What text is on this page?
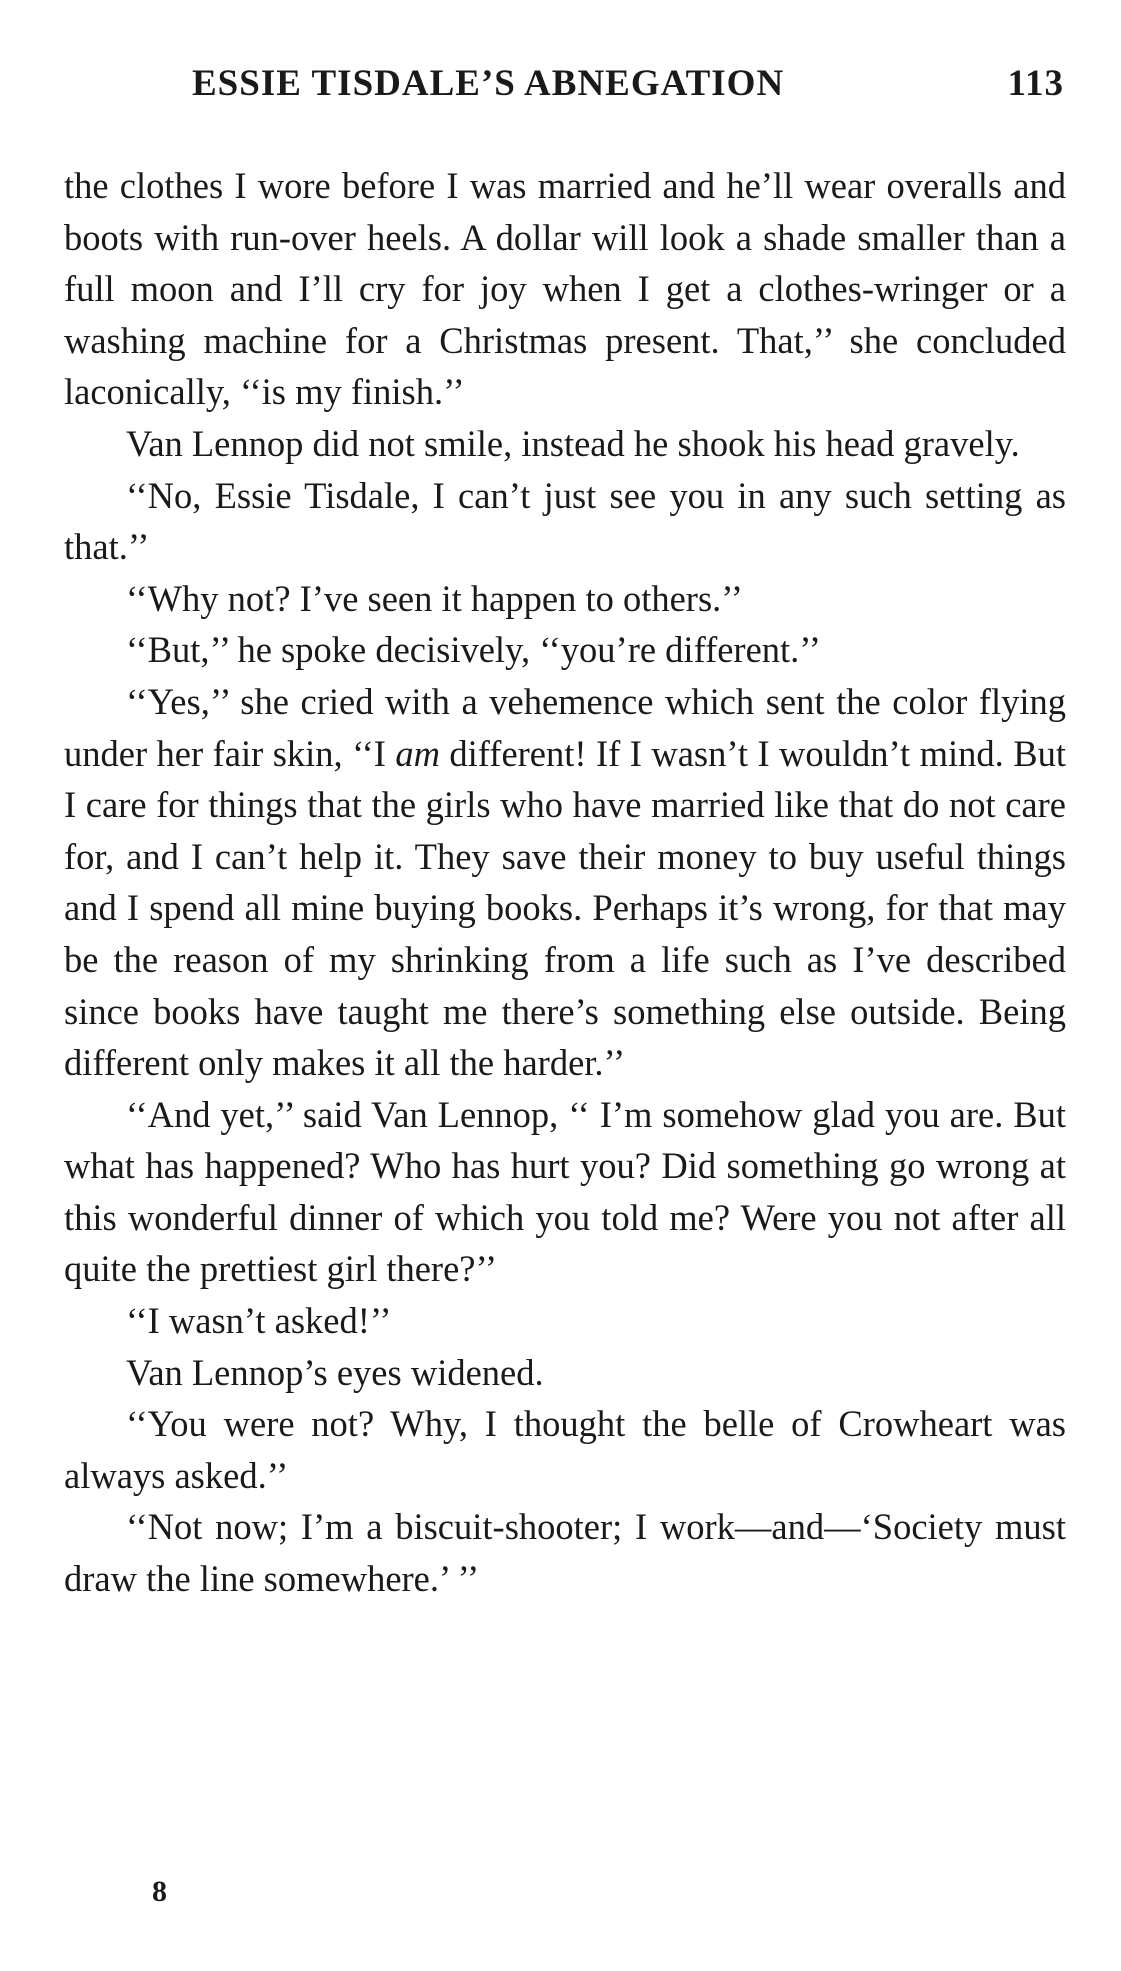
ESSIE TISDALE’S ABNEGATION	113

the clothes I wore before I was married and he’ll wear overalls and boots with run-over heels. A dollar will look a shade smaller than a full moon and I’ll cry for joy when I get a clothes-wringer or a washing machine for a Christmas present. That,’’ she concluded laconically, ‘‘is my finish.’’

Van Lennop did not smile, instead he shook his head gravely.

‘‘No, Essie Tisdale, I can’t just see you in any such setting as that.’’

‘‘Why not? I’ve seen it happen to others.’’

‘‘But,’’ he spoke decisively, ‘‘you’re different.’’

‘‘Yes,’’ she cried with a vehemence which sent the color flying under her fair skin, ‘‘I am different! If I wasn’t I wouldn’t mind. But I care for things that the girls who have married like that do not care for, and I can’t help it. They save their money to buy useful things and I spend all mine buying books. Perhaps it’s wrong, for that may be the reason of my shrinking from a life such as I’ve described since books have taught me there’s something else outside. Being different only makes it all the harder.’’

‘‘And yet,’’ said Van Lennop, ‘‘ I’m somehow glad you are. But what has happened? Who has hurt you? Did something go wrong at this wonderful dinner of which you told me? Were you not after all quite the prettiest girl there?’’

‘‘I wasn’t asked!’’

Van Lennop’s eyes widened.

‘‘You were not? Why, I thought the belle of Crowheart was always asked.’’

‘‘Not now; I’m a biscuit-shooter; I work—and—‘Society must draw the line somewhere.’ ’’

8
